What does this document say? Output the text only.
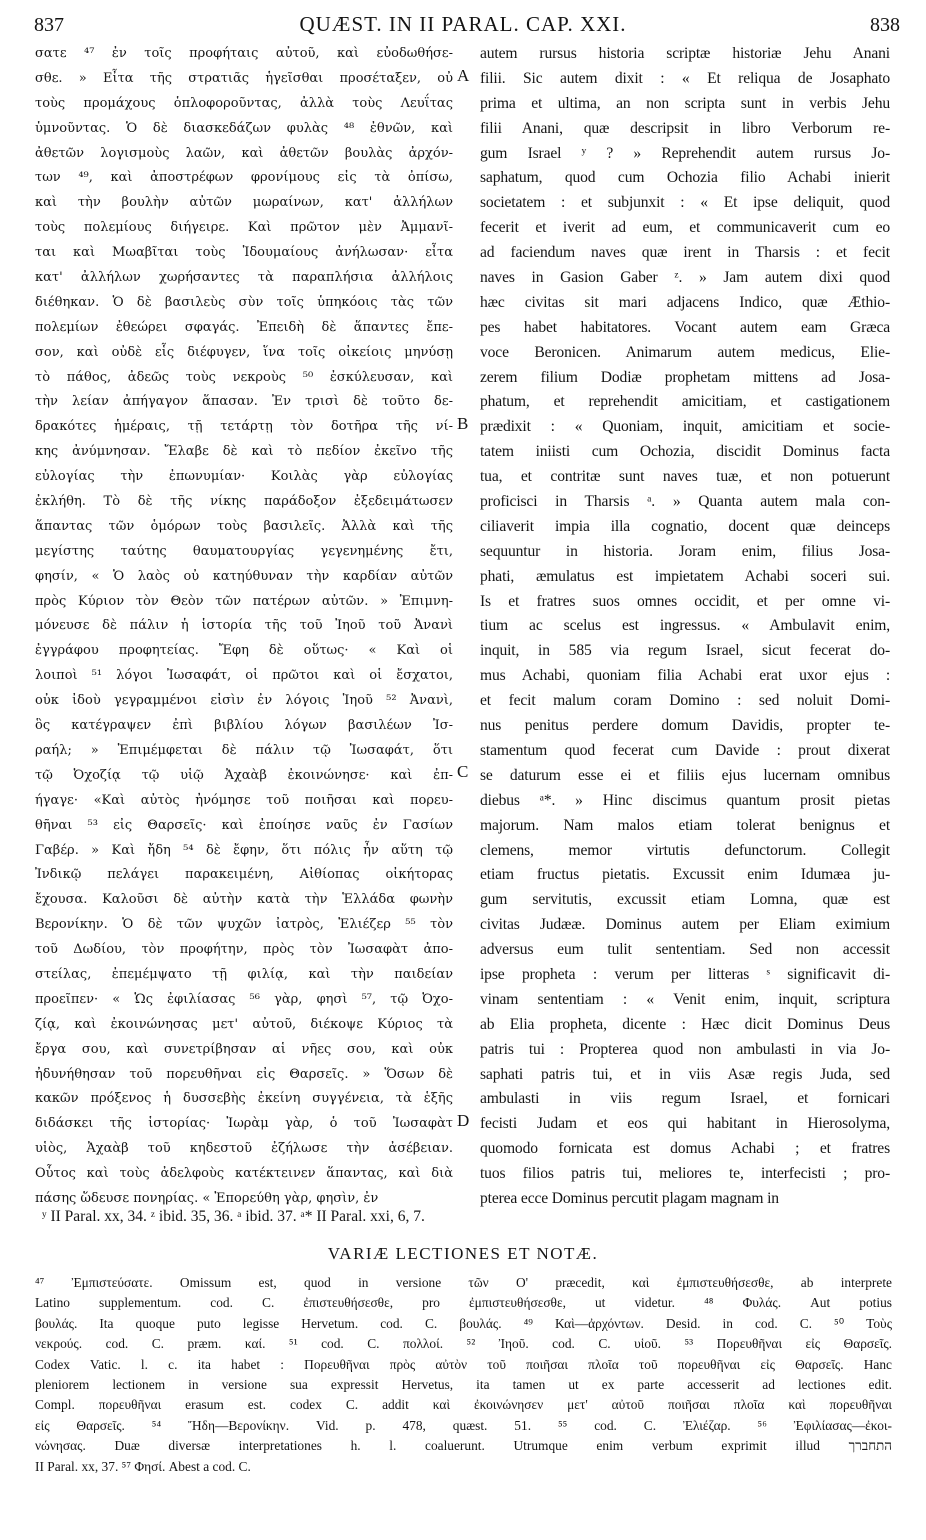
837	QUÆST. IN II PARAL. CAP. XXI.	838
σατε ⁴⁷ ἐν τοῖς προφήταις αὐτοῦ, καὶ εὐοδωθήσε-
σθε. » Εἶτα τῆς στρατιᾶς ἡγεῖσθαι προσέταξεν, οὐ
τοὺς προμάχους ὁπλοφοροῦντας, ἀλλὰ τοὺς Λευΐτας
ὑμνοῦντας. Ὁ δὲ διασκεδάζων φυλὰς ⁴⁸ ἐθνῶν, καὶ
ἀθετῶν λογισμοὺς λαῶν, καὶ ἀθετῶν βουλὰς ἀρχόν-
των ⁴⁹, καὶ ἀποστρέφων φρονίμους εἰς τὰ ὀπίσω,
καὶ τὴν βουλὴν αὐτῶν μωραίνων, κατ' ἀλλήλων
τοὺς πολεμίους διήγειρε. Καὶ πρῶτον μὲν Ἀμμανῖ-
ται καὶ Μωαβῖται τοὺς Ἰδουμαίους ἀνήλωσαν· εἶτα
κατ' ἀλλήλων χωρήσαντες τὰ παραπλήσια ἀλλήλοις
διέθηκαν. Ὁ δὲ βασιλεὺς σὺν τοῖς ὑπηκόοις τὰς τῶν
πολεμίων ἐθεώρει σφαγάς. Ἐπειδὴ δὲ ἅπαντες ἔπε-
σον, καὶ οὐδὲ εἷς διέφυγεν, ἵνα τοῖς οἰκείοις μηνύσῃ
τὸ πάθος, ἀδεῶς τοὺς νεκροὺς ⁵⁰ ἐσκύλευσαν, καὶ
τὴν λείαν ἀπήγαγον ἅπασαν. Ἐν τρισὶ δὲ τοῦτο δε-
δρακότες ἡμέραις, τῇ τετάρτῃ τὸν δοτῆρα τῆς νί-
κης ἀνύμνησαν. Ἔλαβε δὲ καὶ τὸ πεδίον ἐκεῖνο τῆς
εὐλογίας τὴν ἐπωνυμίαν· Κοιλὰς γὰρ εὐλογίας
ἐκλήθη. Τὸ δὲ τῆς νίκης παράδοξον ἐξεδειμάτωσεν
ἅπαντας τῶν ὁμόρων τοὺς βασιλεῖς. Ἀλλὰ καὶ τῆς
μεγίστης ταύτης θαυματουργίας γεγενημένης ἔτι,
φησίν, « Ὁ λαὸς οὐ κατηύθυναν τὴν καρδίαν αὐτῶν
πρὸς Κύριον τὸν Θεὸν τῶν πατέρων αὐτῶν. » Ἐπιμνη-
μόνευσε δὲ πάλιν ἡ ἱστορία τῆς τοῦ Ἰηοῦ τοῦ Ἀνανὶ
ἐγγράφου προφητείας. Ἔφη δὲ οὕτως· « Καὶ οἱ
λοιποὶ ⁵¹ λόγοι Ἰωσαφάτ, οἱ πρῶτοι καὶ οἱ ἔσχατοι,
οὐκ ἰδοὺ γεγραμμένοι εἰσὶν ἐν λόγοις Ἰηοῦ ⁵² Ἀνανὶ,
ὃς κατέγραψεν ἐπὶ βιβλίου λόγων βασιλέων Ἰσ-
ραήλ; » Ἐπιμέμφεται δὲ πάλιν τῷ Ἰωσαφάτ, ὅτι
τῷ Ὀχοζίᾳ τῷ υἱῷ Ἀχαὰβ ἐκοινώνησε· καὶ ἐπ-
ήγαγε· «Καὶ αὐτὸς ἠνόμησε τοῦ ποιῆσαι καὶ πορευ-
θῆναι ⁵³ εἰς Θαρσεῖς· καὶ ἐποίησε ναῦς ἐν Γασίων
Γαβέρ. » Καὶ ἤδη ⁵⁴ δὲ ἔφην, ὅτι πόλις ἦν αὕτη τῷ
Ἰνδικῷ πελάγει παρακειμένη, Αἰθίοπας οἰκήτορας
ἔχουσα. Καλοῦσι δὲ αὐτὴν κατὰ τὴν Ἑλλάδα φωνὴν
Βερονίκην. Ὁ δὲ τῶν ψυχῶν ἰατρὸς, Ἐλιέζερ ⁵⁵ τὸν
τοῦ Δωδίου, τὸν προφήτην, πρὸς τὸν Ἰωσαφὰτ ἀπο-
στείλας, ἐπεμέμψατο τῇ φιλίᾳ, καὶ τὴν παιδείαν
προεῖπεν· « Ὡς ἐφιλίασας ⁵⁶ γὰρ, φησὶ ⁵⁷, τῷ Ὀχο-
ζίᾳ, καὶ ἐκοινώνησας μετ' αὐτοῦ, διέκοψε Κύριος τὰ
ἔργα σου, καὶ συνετρίβησαν αἱ νῆες σου, καὶ οὐκ
ἠδυνήθησαν τοῦ πορευθῆναι εἰς Θαρσεῖς. » Ὅσων δὲ
κακῶν πρόξενος ἡ δυσσεβὴς ἐκείνη συγγένεια, τὰ ἑξῆς
διδάσκει τῆς ἱστορίας· Ἰωρὰμ γὰρ, ὁ τοῦ Ἰωσαφὰτ
υἱὸς, Ἀχαὰβ τοῦ κηδεστοῦ ἐζήλωσε τὴν ἀσέβειαν.
Οὗτος καὶ τοὺς ἀδελφοὺς κατέκτεινεν ἅπαντας, καὶ διὰ
πάσης ὥδευσε πονηρίας. « Ἐπορεύθη γὰρ, φησὶν, ἐν
autem rursus historia scriptæ historiæ Jehu Anani
filii. Sic autem dixit : « Et reliqua de Josaphato
prima et ultima, an non scripta sunt in verbis Jehu
filii Anani, quæ descripsit in libro Verborum re-
gum Israel ʸ ? » Reprehendit autem rursus Jo-
saphatum, quod cum Ochozia filio Achabi inierit
societatem : et subjunxit : « Et ipse deliquit, quod
fecerit et iverit ad eum, et communicaverit cum eo
ad faciendum naves quæ irent in Tharsis : et fecit
naves in Gasion Gaber ᶻ. » Jam autem dixi quod
hæc civitas sit mari adjacens Indico, quæ Æthio-
pes habet habitatores. Vocant autem eam Græca
voce Beronicen. Animarum autem medicus, Elie-
zerem filium Dodiæ prophetam mittens ad Josa-
phatum, et reprehendit amicitiam, et castigationem
prædixit : « Quoniam, inquit, amicitiam et socie-
tatem iniisti cum Ochozia, discidit Dominus facta
tua, et contritæ sunt naves tuæ, et non potuerunt
proficisci in Tharsis ᵃ. » Quanta autem mala con-
ciliaverit impia illa cognatio, docent quæ deinceps
sequuntur in historia. Joram enim, filius Josa-
phati, æmulatus est impietatem Achabi soceri sui.
Is et fratres suos omnes occidit, et per omne vi-
tium ac scelus est ingressus. « Ambulavit enim,
inquit, in 585 via regum Israel, sicut fecerat do-
mus Achabi, quoniam filia Achabi erat uxor ejus :
et fecit malum coram Domino : sed noluit Domi-
nus penitus perdere domum Davidis, propter te-
stamentum quod fecerat cum Davide : prout dixerat
se daturum esse ei et filiis ejus lucernam omnibus
diebus ᵃ*. » Hinc discimus quantum prosit pietas
majorum. Nam malos etiam tolerat benignus et
clemens, memor virtutis defunctorum. Collegit
etiam fructus pietatis. Excussit enim Idumæa ju-
gum servitutis, excussit etiam Lomna, quæ est
civitas Judææ. Dominus autem per Eliam eximium
adversus eum tulit sententiam. Sed non accessit
ipse propheta : verum per litteras ˢ significavit di-
vinam sententiam : « Venit enim, inquit, scriptura
ab Elia propheta, dicente : Hæc dicit Dominus Deus
patris tui : Propterea quod non ambulasti in via Jo-
saphati patris tui, et in viis Asæ regis Juda, sed
ambulasti in viis regum Israel, et fornicari
fecisti Judam et eos qui habitant in Hierosolyma,
quomodo fornicata est domus Achabi ; et fratres
tuos filios patris tui, meliores te, interfecisti ; pro-
pterea ecce Dominus percutit plagam magnam in
A
B
C
D
ʸ II Paral. xx, 34. ᶻ ibid. 35, 36. ᵃ ibid. 37. ᵃ* II Paral. xxi, 6, 7.
VARIÆ LECTIONES ET NOTÆ.
⁴⁷ Ἐμπιστεύσατε. Omissum est, quod in versione τῶν Ο' præcedit, καὶ ἐμπιστευθήσεσθε, ab interprete
Latino supplementum. cod. C. ἐπιστευθήσεσθε, pro ἐμπιστευθήσεσθε, ut videtur. ⁴⁸ Φυλάς. Aut potius
βουλάς. Ita quoque puto legisse Hervetum. cod. C. βουλάς. ⁴⁹ Καὶ—ἀρχόντων. Desid. in cod. C. ⁵⁰ Τοὺς
νεκρούς. cod. C. præm. καί. ⁵¹ cod. C. πολλοί. ⁵² Ἰηοῦ. cod. C. υἱοῦ. ⁵³ Πορευθῆναι εἰς Θαρσεῖς.
Codex Vatic. l. c. ita habet : Πορευθῆναι πρὸς αὐτὸν τοῦ ποιῆσαι πλοῖα τοῦ πορευθῆναι εἰς Θαρσεῖς. Hanc
pleniorem lectionem in versione sua expressit Hervetus, ita tamen ut ex parte accesserit ad lectiones edit.
Compl. πορευθῆναι erasum est. codex C. addit καὶ ἐκοινώνησεν μετ' αὐτοῦ ποιῆσαι πλοῖα καὶ πορευθῆναι
εἰς Θαρσεῖς. ⁵⁴ Ἤδη—Βερονίκην. Vid. p. 478, quæst. 51. ⁵⁵ cod. C. Ἐλιέζαρ. ⁵⁶ Ἐφιλίασας—ἐκοι-
νώνησας. Duæ diversæ interpretationes h. l. coaluerunt. Utrumque enim verbum exprimit illud התחברך
II Paral. xx, 37. ⁵⁷ Φησί. Abest a cod. C.
